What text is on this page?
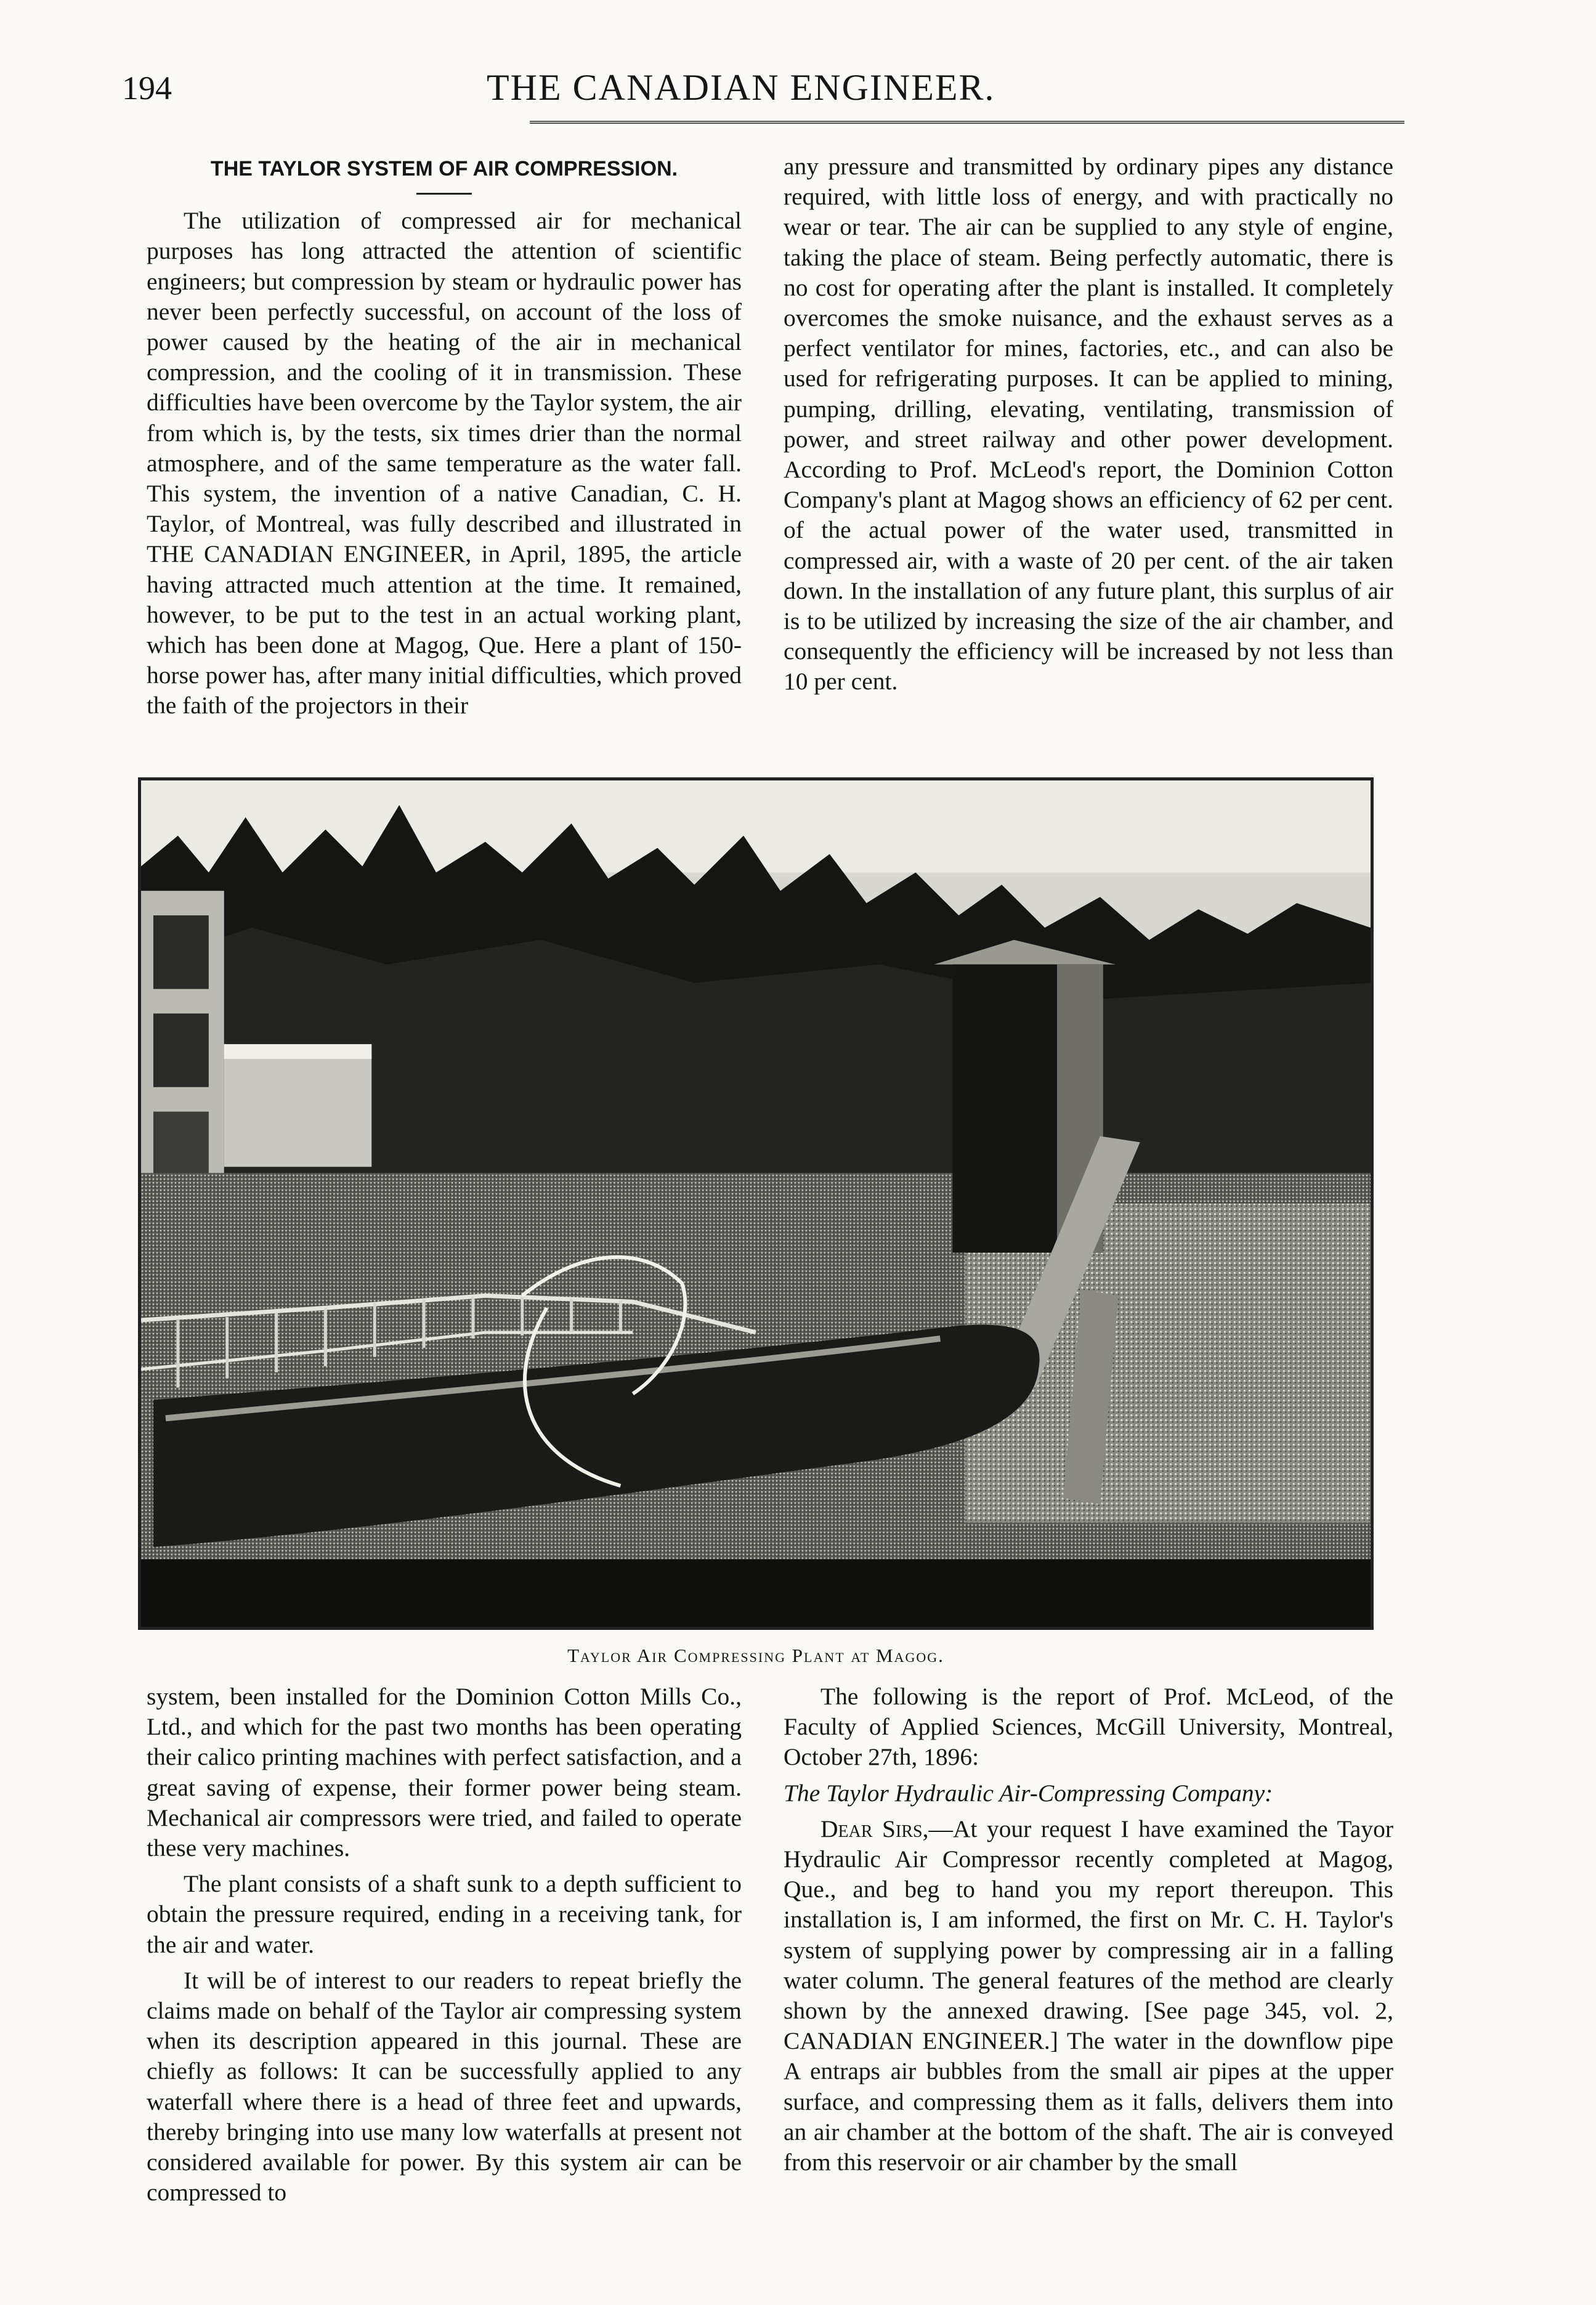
194	THE CANADIAN ENGINEER.
THE TAYLOR SYSTEM OF AIR COMPRESSION.

The utilization of compressed air for mechanical purposes has long attracted the attention of scientific engineers; but compression by steam or hydraulic power has never been perfectly successful, on account of the loss of power caused by the heating of the air in mechanical compression, and the cooling of it in transmission. These difficulties have been overcome by the Taylor system, the air from which is, by the tests, six times drier than the normal atmosphere, and of the same temperature as the water fall. This system, the invention of a native Canadian, C. H. Taylor, of Montreal, was fully described and illustrated in THE CANADIAN ENGINEER, in April, 1895, the article having attracted much attention at the time. It remained, however, to be put to the test in an actual working plant, which has been done at Magog, Que. Here a plant of 150-horse power has, after many initial difficulties, which proved the faith of the projectors in their

any pressure and transmitted by ordinary pipes any distance required, with little loss of energy, and with practically no wear or tear. The air can be supplied to any style of engine, taking the place of steam. Being perfectly automatic, there is no cost for operating after the plant is installed. It completely overcomes the smoke nuisance, and the exhaust serves as a perfect ventilator for mines, factories, etc., and can also be used for refrigerating purposes. It can be applied to mining, pumping, drilling, elevating, ventilating, transmission of power, and street railway and other power development. According to Prof. McLeod's report, the Dominion Cotton Company's plant at Magog shows an efficiency of 62 per cent. of the actual power of the water used, transmitted in compressed air, with a waste of 20 per cent. of the air taken down. In the installation of any future plant, this surplus of air is to be utilized by increasing the size of the air chamber, and consequently the efficiency will be increased by not less than 10 per cent.

Taylor Air Compressing Plant at Magog.

system, been installed for the Dominion Cotton Mills Co., Ltd., and which for the past two months has been operating their calico printing machines with perfect satisfaction, and a great saving of expense, their former power being steam. Mechanical air compressors were tried, and failed to operate these very machines.

The plant consists of a shaft sunk to a depth sufficient to obtain the pressure required, ending in a receiving tank, for the air and water.

It will be of interest to our readers to repeat briefly the claims made on behalf of the Taylor air compressing system when its description appeared in this journal. These are chiefly as follows: It can be successfully applied to any waterfall where there is a head of three feet and upwards, thereby bringing into use many low waterfalls at present not considered available for power. By this system air can be compressed to

The following is the report of Prof. McLeod, of the Faculty of Applied Sciences, McGill University, Montreal, October 27th, 1896:

The Taylor Hydraulic Air-Compressing Company:

Dear Sirs,—At your request I have examined the Tayor Hydraulic Air Compressor recently completed at Magog, Que., and beg to hand you my report thereupon. This installation is, I am informed, the first on Mr. C. H. Taylor's system of supplying power by compressing air in a falling water column. The general features of the method are clearly shown by the annexed drawing. [See page 345, vol. 2, CANADIAN ENGINEER.] The water in the downflow pipe A entraps air bubbles from the small air pipes at the upper surface, and compressing them as it falls, delivers them into an air chamber at the bottom of the shaft. The air is conveyed from this reservoir or air chamber by the small
